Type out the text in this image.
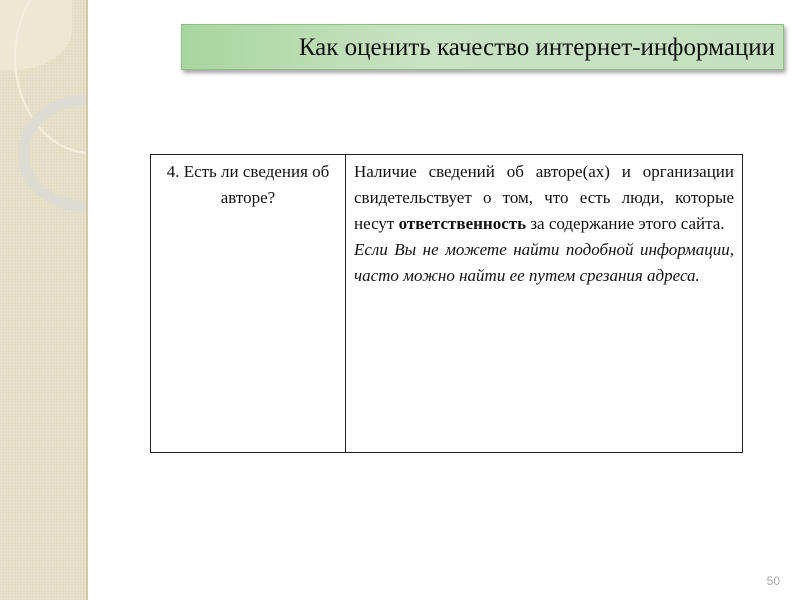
Как оценить качество интернет-информации
4. Есть ли сведения об авторе?	Наличие сведений об авторе(ах) и организации свидетельствует о том, что есть люди, которые несут ответственность за содержание этого сайта.
Если Вы не можете найти подобной информации, часто можно найти ее путем срезания адреса.
50
